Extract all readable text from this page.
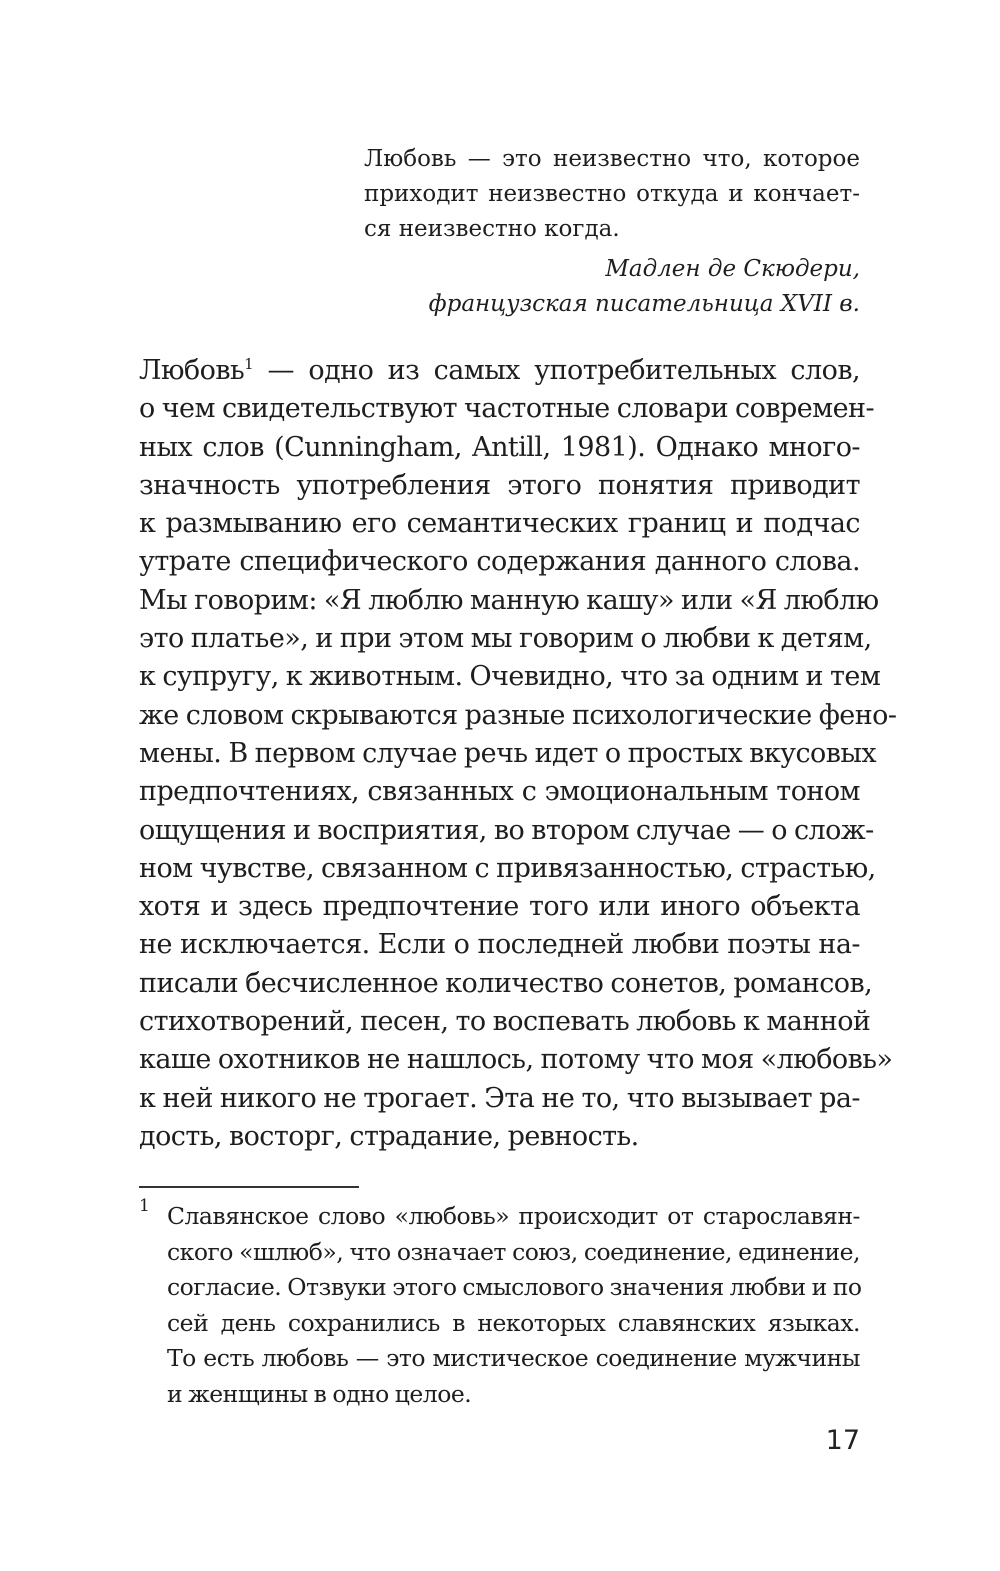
Любовь — это неизвестно что, которое
приходит неизвестно откуда и кончает-
ся неизвестно когда.
Мадлен де Скюдери,
французская писательница XVII в.
Любовь$^1$ — одно из самых употребительных слов,
о чем свидетельствуют частотные словари современ-
ных слов (Cunningham, Antill, 1981). Однако много-
значность употребления этого понятия приводит
к размыванию его семантических границ и подчас
утрате специфического содержания данного слова.
Мы говорим: «Я люблю манную кашу» или «Я люблю
это платье», и при этом мы говорим о любви к детям,
к супругу, к животным. Очевидно, что за одним и тем
же словом скрываются разные психологические фено-
мены. В первом случае речь идет о простых вкусовых
предпочтениях, связанных с эмоциональным тоном
ощущения и восприятия, во втором случае — о слож-
ном чувстве, связанном с привязанностью, страстью,
хотя и здесь предпочтение того или иного объекта
не исключается. Если о последней любви поэты на-
писали бесчисленное количество сонетов, романсов,
стихотворений, песен, то воспевать любовь к манной
каше охотников не нашлось, потому что моя «любовь»
к ней никого не трогает. Эта не то, что вызывает ра-
дость, восторг, страдание, ревность.
1 Славянское слово «любовь» происходит от старославян-
ского «шлюб», что означает союз, соединение, единение,
согласие. Отзвуки этого смыслового значения любви и по
сей день сохранились в некоторых славянских языках.
То есть любовь — это мистическое соединение мужчины
и женщины в одно целое.
17
